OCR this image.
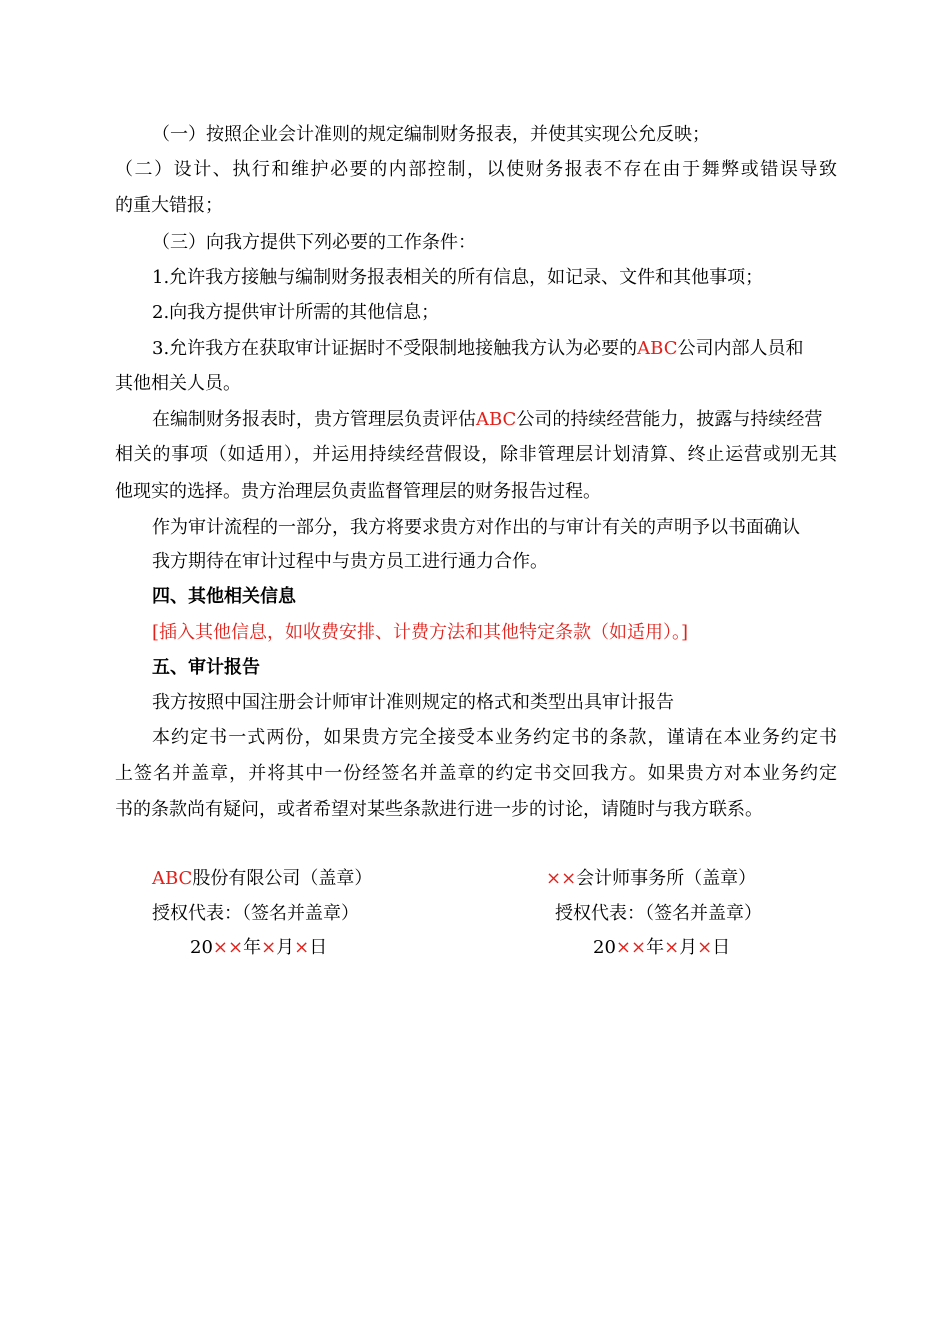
（一）按照企业会计准则的规定编制财务报表，并使其实现公允反映；
（二）设计、执行和维护必要的内部控制，以使财务报表不存在由于舞弊或错误导致
的重大错报；
（三）向我方提供下列必要的工作条件：
1.允许我方接触与编制财务报表相关的所有信息，如记录、文件和其他事项；
2.向我方提供审计所需的其他信息；
3.允许我方在获取审计证据时不受限制地接触我方认为必要的ABC公司内部人员和
其他相关人员。
在编制财务报表时，贵方管理层负责评估ABC公司的持续经营能力，披露与持续经营
相关的事项（如适用），并运用持续经营假设，除非管理层计划清算、终止运营或别无其
他现实的选择。贵方治理层负责监督管理层的财务报告过程。
作为审计流程的一部分，我方将要求贵方对作出的与审计有关的声明予以书面确认
我方期待在审计过程中与贵方员工进行通力合作。
四、其他相关信息
[插入其他信息，如收费安排、计费方法和其他特定条款（如适用）。]
五、审计报告
我方按照中国注册会计师审计准则规定的格式和类型出具审计报告
本约定书一式两份，如果贵方完全接受本业务约定书的条款，谨请在本业务约定书
上签名并盖章，并将其中一份经签名并盖章的约定书交回我方。如果贵方对本业务约定
书的条款尚有疑问，或者希望对某些条款进行进一步的讨论，请随时与我方联系。
ABC股份有限公司（盖章）
授权代表：（签名并盖章）
20××年×月×日
××会计师事务所（盖章）
授权代表：（签名并盖章）
20××年×月×日
